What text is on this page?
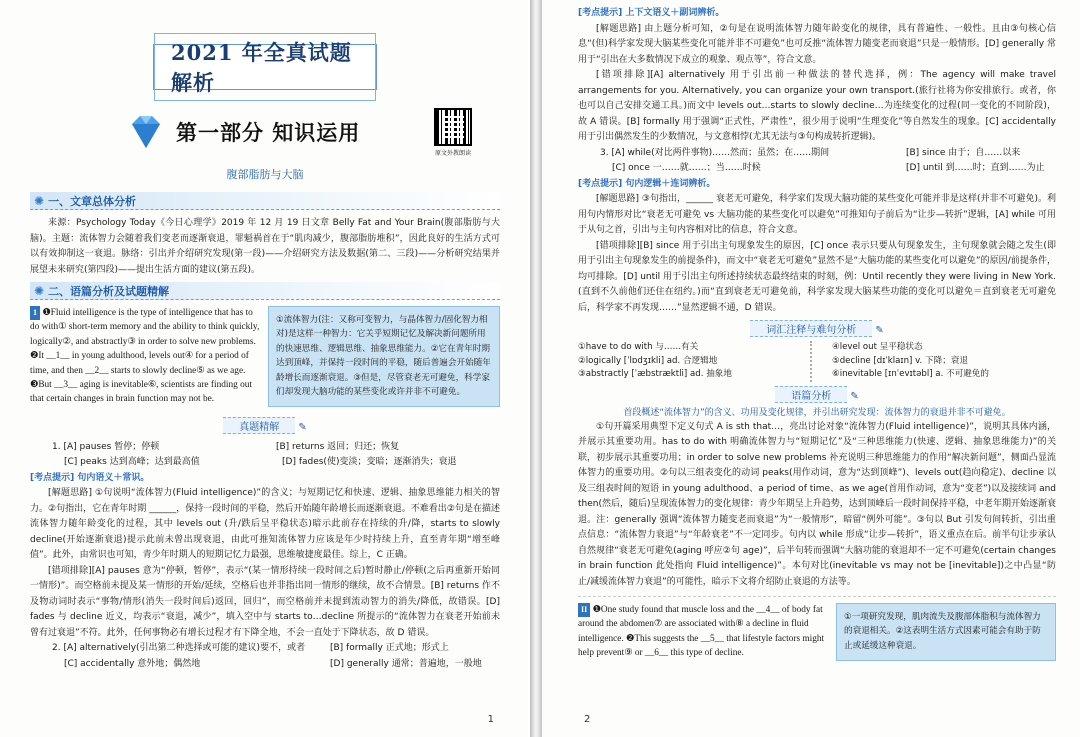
2021 年全真试题解析
第一部分 知识运用
原文外教朗读
腹部脂肪与大脑
✺ 一、文章总体分析

来源：Psychology Today《今日心理学》2019 年 12 月 19 日文章 Belly Fat and Your Brain(腹部脂肪与大脑)。主题：流体智力会随着我们变老而逐渐衰退，罪魁祸首在于“肌肉减少，腹部脂肪堆积”，因此良好的生活方式可以有效抑制这一衰退。脉络：引出并介绍研究发现(第一段)——介绍研究方法及数据(第二、三段)——分析研究结果并展望未来研究(第四段)——提出生活方面的建议(第五段)。

✺ 二、语篇分析及试题精解
1 ❶Fluid intelligence is the type of intelligence that has to do with① short-term memory and the ability to think quickly, logically②, and abstractly③ in order to solve new problems. ❷It __1__ in young adulthood, levels out④ for a period of time, and then __2__ starts to slowly decline⑤ as we age. ❸But __3__ aging is inevitable⑥, scientists are finding out that certain changes in brain function may not be.
①流体智力(注：又称可变智力，与晶体智力/固化智力相对)是这样一种智力：它关乎短期记忆及解决新问题所用的快速思维、逻辑思维、抽象思维能力。②它在青年时期达到顶峰，并保持一段时间的平稳，随后普遍会开始随年龄增长而逐渐衰退。③但是，尽管衰老无可避免，科学家们却发现大脑功能的某些变化或许并非不可避免。
真题精解 ✎
1. [A] pauses 暂停；停顿	[B] returns 返回；归还；恢复
[C] peaks 达到高峰；达到最高值	[D] fades(使)变淡；变暗；逐渐消失；衰退
[考点提示] 句内语义＋常识。

[解题思路] ①句说明“流体智力(Fluid intelligence)”的含义；与短期记忆和快速、逻辑、抽象思维能力相关的智力。②句指出，它在青年时期 ______，保持一段时间的平稳，然后开始随年龄增长而逐渐衰退。不难看出②句是在描述流体智力随年龄变化的过程，其中 levels out (升/跌后呈平稳状态)暗示此前存在持续的升/降，starts to slowly decline(开始逐渐衰退)提示此前未曾出现衰退，由此可推知流体智力应该是年少时持续上升，直至青年期“增至峰值”。此外，由常识也可知，青少年时期人的短期记忆力最强，思维敏捷度最佳。综上，C 正确。

[错项排除][A] pauses 意为“停顿，暂停”，表示“(某一情形持续一段时间之后)暂时静止/停顿(之后再重新开始同一情形)”。而空格前未提及某一情形的开始/延续，空格后也并非指出同一情形的继续，故不合情景。[B] returns 作不及物动词时表示“事物/情形(消失一段时间后)返回，回归”，而空格前并未提到流动智力的消失/降低，故错误。[D] fades 与 decline 近义，均表示“衰退，减少”，填入空中与 starts to…decline 所提示的“流体智力在衰老开始前未曾有过衰退”不符。此外，任何事物必有增长过程才有下降全地，不会一直处于下降状态，故 D 错误。

2. [A] alternatively(引出第二种选择或可能的建议)要不，或者	[B] formally 正式地；形式上
[C] accidentally 意外地；偶然地	[D] generally 通常；普遍地，一般地
1
[考点提示] 上下文语义＋副词辨析。

[解题思路] 由上题分析可知，②句是在说明流体智力随年龄变化的规律，具有普遍性、一般性。且由③句核心信息“(但)科学家发现大脑某些变化可能并非不可避免”也可反推“流体智力随变老而衰退”只是一般情形。[D] generally 常用于“引出在大多数情况下成立的观象、观点等”，符合文意。

[错项排除][A] alternatively 用于引出前一种做法的替代选择，例：The agency will make travel arrangements for you. Alternatively, you can organize your own transport.(旅行社将为你安排旅行。或者，你也可以自己安排交通工具。)而文中 levels out…starts to slowly decline…为连续变化的过程(同一变化的不同阶段)，故 A 错误。[B] formally 用于强调“正式性，严肃性”，很少用于说明“生理变化”等自然发生的现象。[C] accidentally 用于引出偶然发生的少数情况，与文意相悖(尤其无法与③句构成转折逻辑)。

3. [A] while(对比两件事物)……然而；虽然；在……期间	[B] since 由于；自……以来
[C] once 一……就……；当……时候	[D] until 到……时；直到……为止
[考点提示] 句内逻辑＋连词辨析。

[解题思路] ③句指出，______ 衰老无可避免，科学家们发现大脑功能的某些变化可能并非是这样(并非不可避免)。利用句内情形对比“衰老无可避免 vs 大脑功能的某些变化可以避免”可推知句子前后为“让步—转折”逻辑，[A] while 可用于从句之首，引出与主句内容相对比的信息，符合文意。

[错项排除][B] since 用于引出主句现象发生的原因，[C] once 表示只要从句现象发生，主句现象就会随之发生(即用于引出主句现象发生的前提条件)，而文中“衰老无可避免”显然不是“大脑功能的某些变化可以避免”的原因/前提条件，均可排除。[D] until 用于引出主句所述持续状态最终结束的时刻，例：Until recently they were living in New York.(直到不久前他们还住在纽约。)而“直到衰老无可避免前，科学家发现大脑某些功能的变化可以避免＝直到衰老无可避免后，科学家不再发现……”显然逻辑不通，D 错误。

词汇注释与难句分析 ✎
①have to do with 与……有关
②logically [ˈlɒdʒɪkli] ad. 合逻辑地
③abstractly [ˈæbstræktli] ad. 抽象地
④level out 呈平稳状态
⑤decline [dɪˈklaɪn] v. 下降；衰退
⑥inevitable [ɪnˈevɪtəbl] a. 不可避免的
语篇分析 ✎
首段概述“流体智力”的含义、功用及变化规律，并引出研究发现：流体智力的衰退并非不可避免。

①句开篇采用典型下定义句式 A is sth that…，亮出讨论对象“流体智力(Fluid intelligence)”，说明其具体内涵，并展示其重要功用。has to do with 明确流体智力与“短期记忆”及“三种思维能力(快速、逻辑、抽象思维能力)”的关联，初步展示其重要功用；in order to solve new problems 补充说明三种思维能力的作用“解决新问题”，侧面凸显流体智力的重要功用。②句以三组表变化的动词 peaks(用作动词，意为“达到顶峰”)、levels out(趋向稳定)、decline 以及三组表时间的短语 in young adulthood、a period of time、as we age(首用作动词，意为“变老”)以及接续词 and then(然后，随后)呈现流体智力的变化规律：青少年期呈上升趋势，达到顶峰后一段时间保持平稳，中老年期开始逐渐衰退。注：generally 强调“流体智力随变老而衰退”为“一般情形”，暗留“例外可能”。③句以 But 引发句间转折，引出重点信息：“流体智力衰退”与“年龄衰老”不一定同步。句内以 while 形成“让步—转折”，语义重点在后。前半句让步承认自然规律“衰老无可避免(aging 呼应②句 age)”，后半句转而强调“大脑功能的衰退却不一定不可避免(certain changes in brain function 此处指向 Fluid intelligence)”。本句对比(inevitable vs may not be [inevitable])之中凸显“防止/减缓流体智力衰退”的可能性，暗示下文将介绍防止衰退的方法等。

II ❶One study found that muscle loss and the __4__ of body fat around the abdomen⑦ are associated with⑧ a decline in fluid intelligence. ❷This suggests the __5__ that lifestyle factors might help prevent⑨ or __6__ this type of decline.
①一项研究发现，肌肉流失及腹部体脂积与流体智力的衰退相关。②这表明生活方式因素可能会有助于防止或延缓这种衰退。
2
